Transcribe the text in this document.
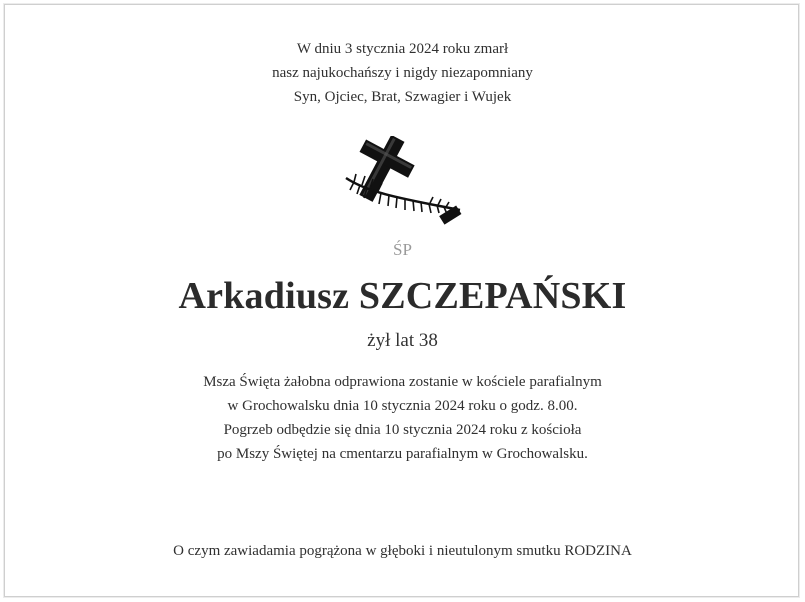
W dniu 3 stycznia 2024 roku zmarł
nasz najukochańszy i nigdy niezapomniany
Syn, Ojciec, Brat, Szwagier i Wujek
ŚP
Arkadiusz SZCZEPAŃSKI
żył lat 38
Msza Święta żałobna odprawiona zostanie w kościele parafialnym
w Grochowalsku dnia 10 stycznia 2024 roku o godz. 8.00.
Pogrzeb odbędzie się dnia 10 stycznia 2024 roku z kościoła
po Mszy Świętej na cmentarzu parafialnym w Grochowalsku.
O czym zawiadamia pogrążona w głęboki i nieutulonym smutku RODZINA
